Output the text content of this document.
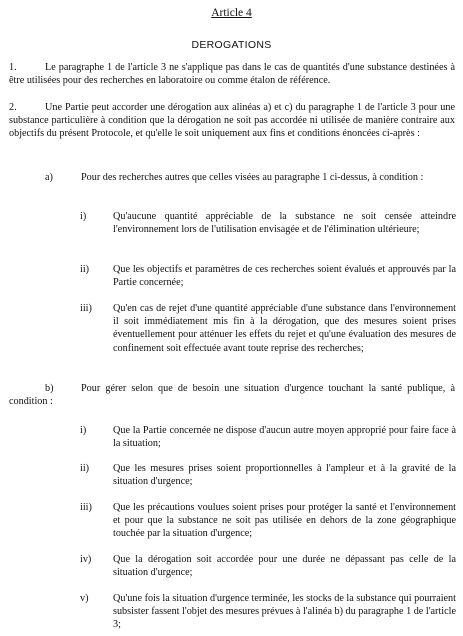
Article 4
DEROGATIONS
1.	Le paragraphe 1 de l'article 3 ne s'applique pas dans le cas de quantités d'une substance destinées à être utilisées pour des recherches en laboratoire ou comme étalon de référence.
2.	Une Partie peut accorder une dérogation aux alinéas a) et c) du paragraphe 1 de l'article 3 pour une substance particulière à condition que la dérogation ne soit pas accordée ni utilisée de manière contraire aux objectifs du présent Protocole, et qu'elle le soit uniquement aux fins et conditions énoncées ci-après :
a)	Pour des recherches autres que celles visées au paragraphe 1 ci-dessus, à condition :
i)	Qu'aucune quantité appréciable de la substance ne soit censée atteindre l'environnement lors de l'utilisation envisagée et de l'élimination ultérieure;
ii)	Que les objectifs et paramètres de ces recherches soient évalués et approuvés par la Partie concernée;
iii)	Qu'en cas de rejet d'une quantité appréciable d'une substance dans l'environnement il soit immédiatement mis fin à la dérogation, que des mesures soient prises éventuellement pour atténuer les effets du rejet et qu'une évaluation des mesures de confinement soit effectuée avant toute reprise des recherches;
b)	Pour gérer selon que de besoin une situation d'urgence touchant la santé publique, à condition :
i)	Que la Partie concernée ne dispose d'aucun autre moyen approprié pour faire face à la situation;
ii)	Que les mesures prises soient proportionnelles à l'ampleur et à la gravité de la situation d'urgence;
iii)	Que les précautions voulues soient prises pour protéger la santé et l'environnement et pour que la substance ne soit pas utilisée en dehors de la zone géographique touchée par la situation d'urgence;
iv)	Que la dérogation soit accordée pour une durée ne dépassant pas celle de la situation d'urgence;
v)	Qu'une fois la situation d'urgence terminée, les stocks de la substance qui pourraient subsister fassent l'objet des mesures prévues à l'alinéa b) du paragraphe 1 de l'article 3;
